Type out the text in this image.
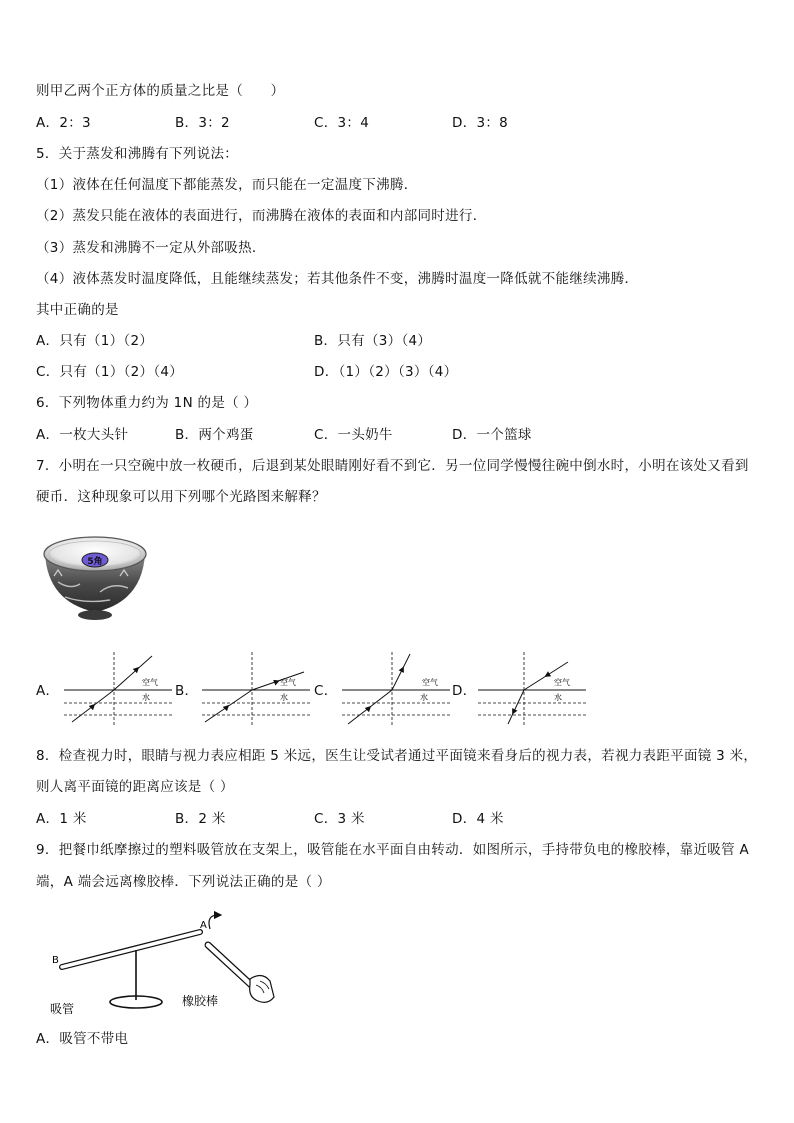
则甲乙两个正方体的质量之比是（　　）
A．2：3	B．3：2	C．3：4	D．3：8
5．关于蒸发和沸腾有下列说法：
（1）液体在任何温度下都能蒸发，而只能在一定温度下沸腾．
（2）蒸发只能在液体的表面进行，而沸腾在液体的表面和内部同时进行．
（3）蒸发和沸腾不一定从外部吸热．
（4）液体蒸发时温度降低，且能继续蒸发；若其他条件不变，沸腾时温度一降低就不能继续沸腾．
其中正确的是
A．只有（1）（2）	B．只有（3）（4）
C．只有（1）（2）（4）	D．（1）（2）（3）（4）
6．下列物体重力约为 1N 的是（ ）
A．一枚大头针	B．两个鸡蛋	C．一头奶牛	D．一个篮球
7．小明在一只空碗中放一枚硬币，后退到某处眼睛刚好看不到它．另一位同学慢慢往碗中倒水时，小明在该处又看到
硬币．这种现象可以用下列哪个光路图来解释？
5角
A．	B．	C．	D．
空气
水
空气
水
空气
水
空气
水
8．检查视力时，眼睛与视力表应相距 5 米远，医生让受试者通过平面镜来看身后的视力表，若视力表距平面镜 3 米，
则人离平面镜的距离应该是（ ）
A．1 米	B．2 米	C．3 米	D．4 米
9．把餐巾纸摩擦过的塑料吸管放在支架上，吸管能在水平面自由转动．如图所示，手持带负电的橡胶棒，靠近吸管 A
端，A 端会远离橡胶棒．下列说法正确的是（ ）
A
B
吸管
橡胶棒
A．吸管不带电
